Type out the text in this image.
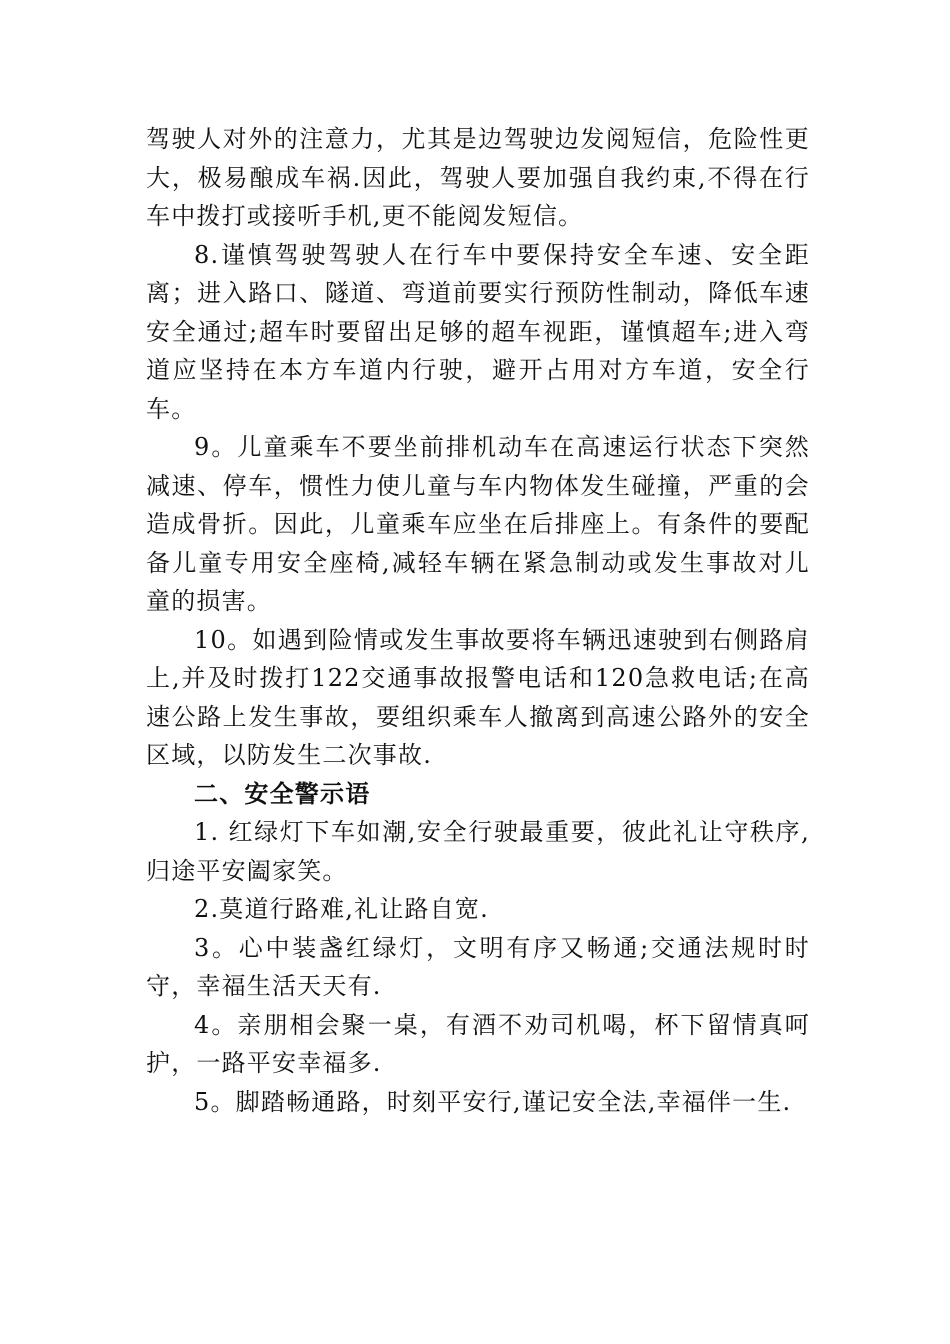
驾驶人对外的注意力，尤其是边驾驶边发阅短信，危险性更大，极易酿成车祸.因此，驾驶人要加强自我约束,不得在行车中拨打或接听手机,更不能阅发短信。

8.谨慎驾驶驾驶人在行车中要保持安全车速、安全距离；进入路口、隧道、弯道前要实行预防性制动，降低车速安全通过;超车时要留出足够的超车视距，谨慎超车;进入弯道应坚持在本方车道内行驶，避开占用对方车道，安全行车。

9。儿童乘车不要坐前排机动车在高速运行状态下突然减速、停车，惯性力使儿童与车内物体发生碰撞，严重的会造成骨折。因此，儿童乘车应坐在后排座上。有条件的要配备儿童专用安全座椅,减轻车辆在紧急制动或发生事故对儿童的损害。

10。如遇到险情或发生事故要将车辆迅速驶到右侧路肩上,并及时拨打122交通事故报警电话和120急救电话;在高速公路上发生事故，要组织乘车人撤离到高速公路外的安全区域，以防发生二次事故.

二、安全警示语

1. 红绿灯下车如潮,安全行驶最重要，彼此礼让守秩序,归途平安阖家笑。

2.莫道行路难,礼让路自宽.

3。心中装盏红绿灯，文明有序又畅通;交通法规时时守，幸福生活天天有.

4。亲朋相会聚一桌，有酒不劝司机喝，杯下留情真呵护，一路平安幸福多.

5。脚踏畅通路，时刻平安行,谨记安全法,幸福伴一生.
